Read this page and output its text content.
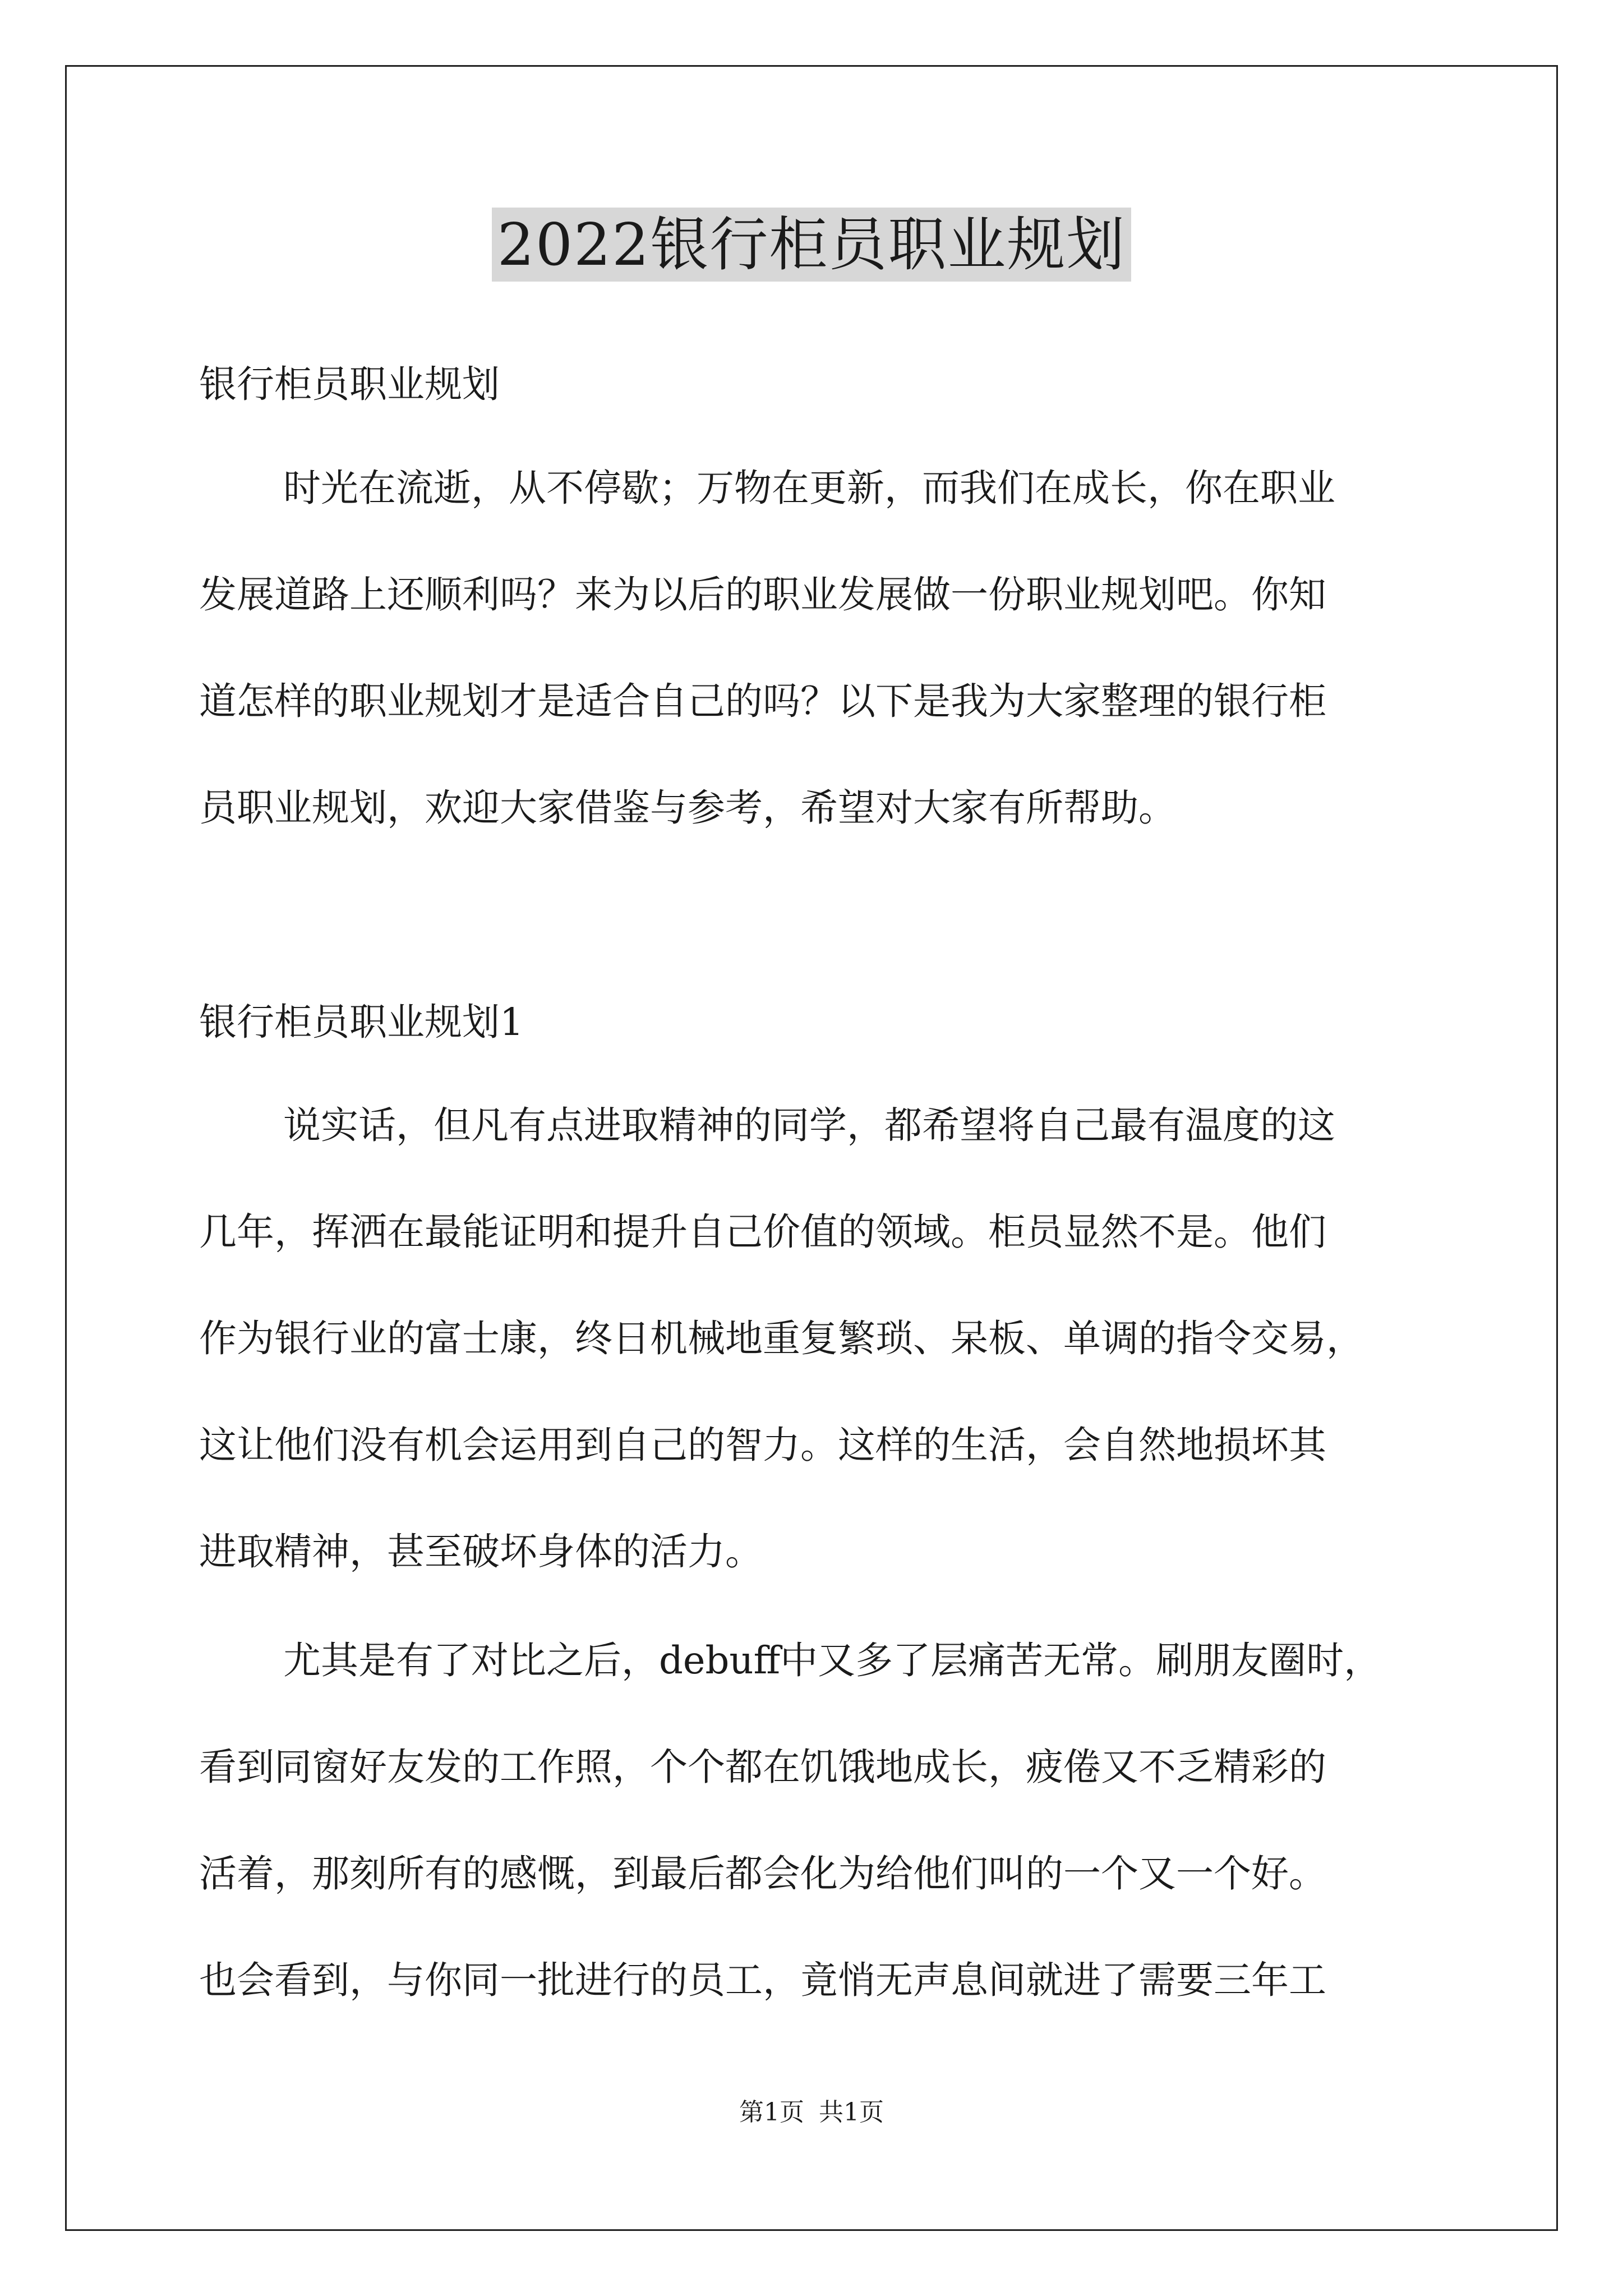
2022银行柜员职业规划
银行柜员职业规划
时光在流逝，从不停歇；万物在更新，而我们在成长，你在职业
发展道路上还顺利吗？来为以后的职业发展做一份职业规划吧。你知
道怎样的职业规划才是适合自己的吗？以下是我为大家整理的银行柜
员职业规划，欢迎大家借鉴与参考，希望对大家有所帮助。
银行柜员职业规划1
说实话，但凡有点进取精神的同学，都希望将自己最有温度的这
几年，挥洒在最能证明和提升自己价值的领域。柜员显然不是。他们
作为银行业的富士康，终日机械地重复繁琐、呆板、单调的指令交易，
这让他们没有机会运用到自己的智力。这样的生活，会自然地损坏其
进取精神，甚至破坏身体的活力。
尤其是有了对比之后，debuff中又多了层痛苦无常。刷朋友圈时，
看到同窗好友发的工作照，个个都在饥饿地成长，疲倦又不乏精彩的
活着，那刻所有的感慨，到最后都会化为给他们叫的一个又一个好。
也会看到，与你同一批进行的员工，竟悄无声息间就进了需要三年工
第1页 共1页
